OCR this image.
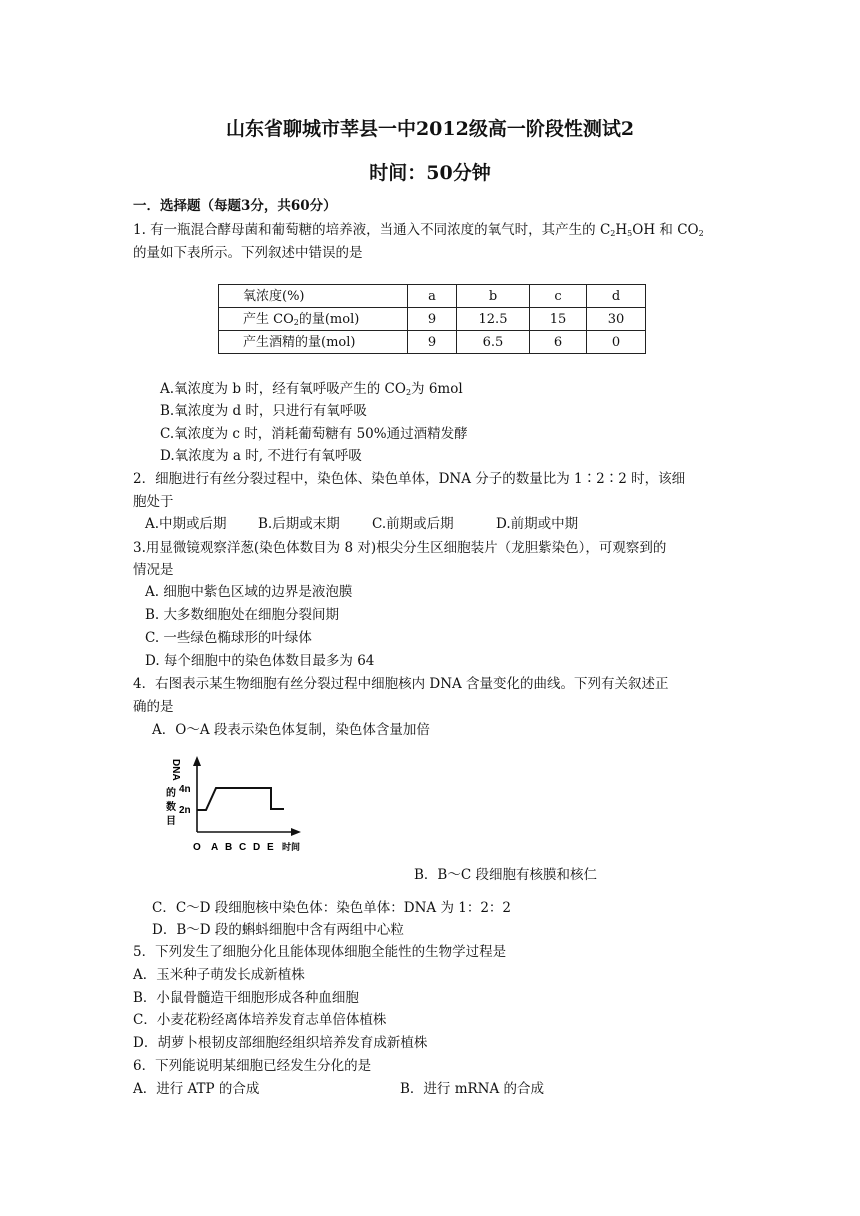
山东省聊城市莘县一中2012级高一阶段性测试2
时间：50分钟
一．选择题（每题3分，共60分）
1. 有一瓶混合酵母菌和葡萄糖的培养液，当通入不同浓度的氧气时，其产生的 $C_2H_5OH$ 和 $CO_2$
的量如下表所示。下列叙述中错误的是
氧浓度(%)	a	b	c	d
产生 $CO_2$的量(mol)	9	12.5	15	30
产生酒精的量(mol)	9	6.5	6	0
A.氧浓度为 b 时，经有氧呼吸产生的 $CO_2$为 6mol
B.氧浓度为 d 时，只进行有氧呼吸
C.氧浓度为 c 时，消耗葡萄糖有 50%通过酒精发酵
D.氧浓度为 a 时, 不进行有氧呼吸
2．细胞进行有丝分裂过程中，染色体、染色单体，DNA 分子的数量比为 1∶2∶2 时，该细
胞处于
A.中期或后期 B.后期或末期 C.前期或后期	D.前期或中期
3.用显微镜观察洋葱(染色体数目为 8 对)根尖分生区细胞装片（龙胆紫染色），可观察到的
情况是
A. 细胞中紫色区域的边界是液泡膜
B. 大多数细胞处在细胞分裂间期
C. 一些绿色椭球形的叶绿体
D. 每个细胞中的染色体数目最多为 64
4．右图表示某生物细胞有丝分裂过程中细胞核内 DNA 含量变化的曲线。下列有关叙述正
确的是
A．O～A 段表示染色体复制，染色体含量加倍
DNA
的
数
目
4n
2n
O A B C D E 时间
B．B～C 段细胞有核膜和核仁
C．C～D 段细胞核中染色体：染色单体：DNA 为 1：2：2
D．B～D 段的蝌蚪细胞中含有两组中心粒
5．下列发生了细胞分化且能体现体细胞全能性的生物学过程是
A．玉米种子萌发长成新植株
B．小鼠骨髓造干细胞形成各种血细胞
C．小麦花粉经离体培养发育志单倍体植株
D．胡萝卜根韧皮部细胞经组织培养发育成新植株
6．下列能说明某细胞已经发生分化的是
A．进行 ATP 的合成	B．进行 mRNA 的合成
